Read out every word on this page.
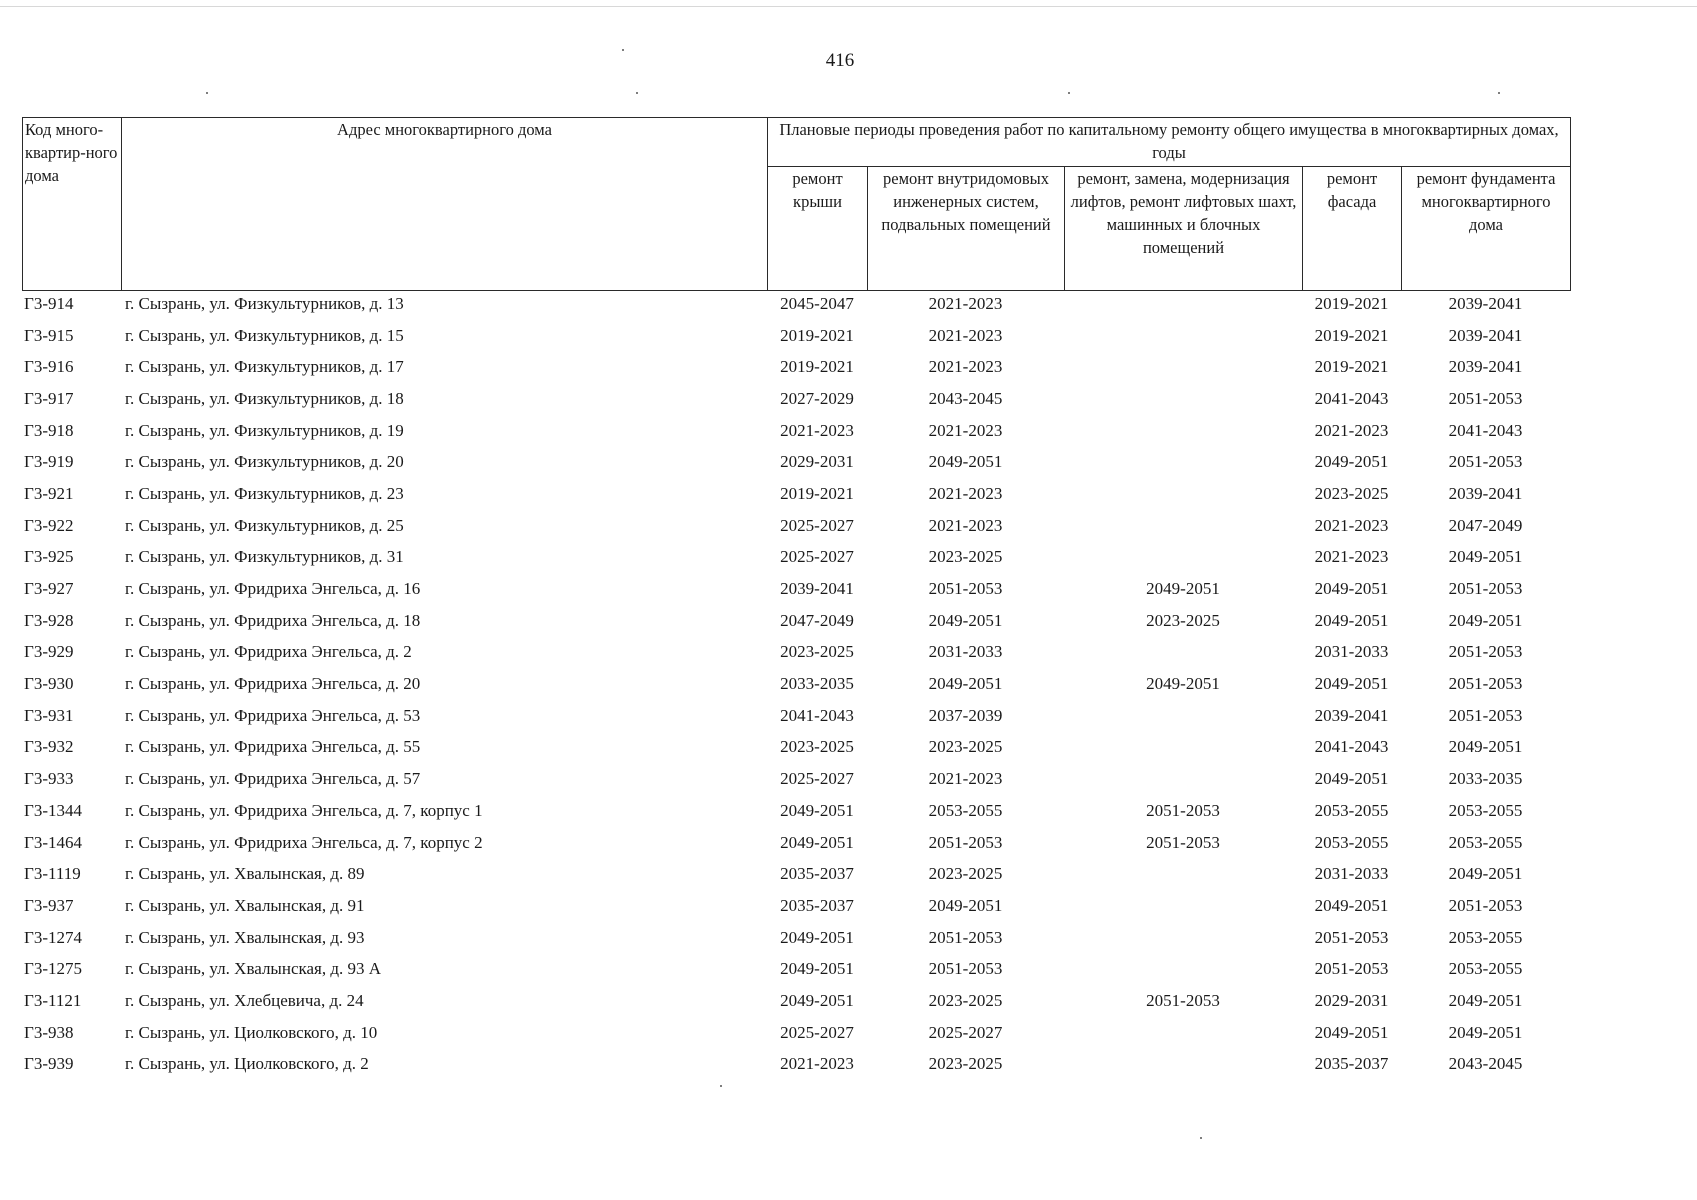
416
Код много-квартир-ного дома	Адрес многоквартирного дома	Плановые периоды проведения работ по капитальному ремонту общего имущества в многоквартирных домах, годы				
		ремонт крыши	ремонт внутридомовых инженерных систем, подвальных помещений	ремонт, замена, модернизация лифтов, ремонт лифтовых шахт, машинных и блочных помещений	ремонт фасада	ремонт фундамента многоквартирного дома
Г3-914	г. Сызрань, ул. Физкультурников, д. 13	2045-2047	2021-2023		2019-2021	2039-2041
Г3-915	г. Сызрань, ул. Физкультурников, д. 15	2019-2021	2021-2023		2019-2021	2039-2041
Г3-916	г. Сызрань, ул. Физкультурников, д. 17	2019-2021	2021-2023		2019-2021	2039-2041
Г3-917	г. Сызрань, ул. Физкультурников, д. 18	2027-2029	2043-2045		2041-2043	2051-2053
Г3-918	г. Сызрань, ул. Физкультурников, д. 19	2021-2023	2021-2023		2021-2023	2041-2043
Г3-919	г. Сызрань, ул. Физкультурников, д. 20	2029-2031	2049-2051		2049-2051	2051-2053
Г3-921	г. Сызрань, ул. Физкультурников, д. 23	2019-2021	2021-2023		2023-2025	2039-2041
Г3-922	г. Сызрань, ул. Физкультурников, д. 25	2025-2027	2021-2023		2021-2023	2047-2049
Г3-925	г. Сызрань, ул. Физкультурников, д. 31	2025-2027	2023-2025		2021-2023	2049-2051
Г3-927	г. Сызрань, ул. Фридриха Энгельса, д. 16	2039-2041	2051-2053	2049-2051	2049-2051	2051-2053
Г3-928	г. Сызрань, ул. Фридриха Энгельса, д. 18	2047-2049	2049-2051	2023-2025	2049-2051	2049-2051
Г3-929	г. Сызрань, ул. Фридриха Энгельса, д. 2	2023-2025	2031-2033		2031-2033	2051-2053
Г3-930	г. Сызрань, ул. Фридриха Энгельса, д. 20	2033-2035	2049-2051	2049-2051	2049-2051	2051-2053
Г3-931	г. Сызрань, ул. Фридриха Энгельса, д. 53	2041-2043	2037-2039		2039-2041	2051-2053
Г3-932	г. Сызрань, ул. Фридриха Энгельса, д. 55	2023-2025	2023-2025		2041-2043	2049-2051
Г3-933	г. Сызрань, ул. Фридриха Энгельса, д. 57	2025-2027	2021-2023		2049-2051	2033-2035
Г3-1344	г. Сызрань, ул. Фридриха Энгельса, д. 7, корпус 1	2049-2051	2053-2055	2051-2053	2053-2055	2053-2055
Г3-1464	г. Сызрань, ул. Фридриха Энгельса, д. 7, корпус 2	2049-2051	2051-2053	2051-2053	2053-2055	2053-2055
Г3-1119	г. Сызрань, ул. Хвалынская, д. 89	2035-2037	2023-2025		2031-2033	2049-2051
Г3-937	г. Сызрань, ул. Хвалынская, д. 91	2035-2037	2049-2051		2049-2051	2051-2053
Г3-1274	г. Сызрань, ул. Хвалынская, д. 93	2049-2051	2051-2053		2051-2053	2053-2055
Г3-1275	г. Сызрань, ул. Хвалынская, д. 93 А	2049-2051	2051-2053		2051-2053	2053-2055
Г3-1121	г. Сызрань, ул. Хлебцевича, д. 24	2049-2051	2023-2025	2051-2053	2029-2031	2049-2051
Г3-938	г. Сызрань, ул. Циолковского, д. 10	2025-2027	2025-2027		2049-2051	2049-2051
Г3-939	г. Сызрань, ул. Циолковского, д. 2	2021-2023	2023-2025		2035-2037	2043-2045
